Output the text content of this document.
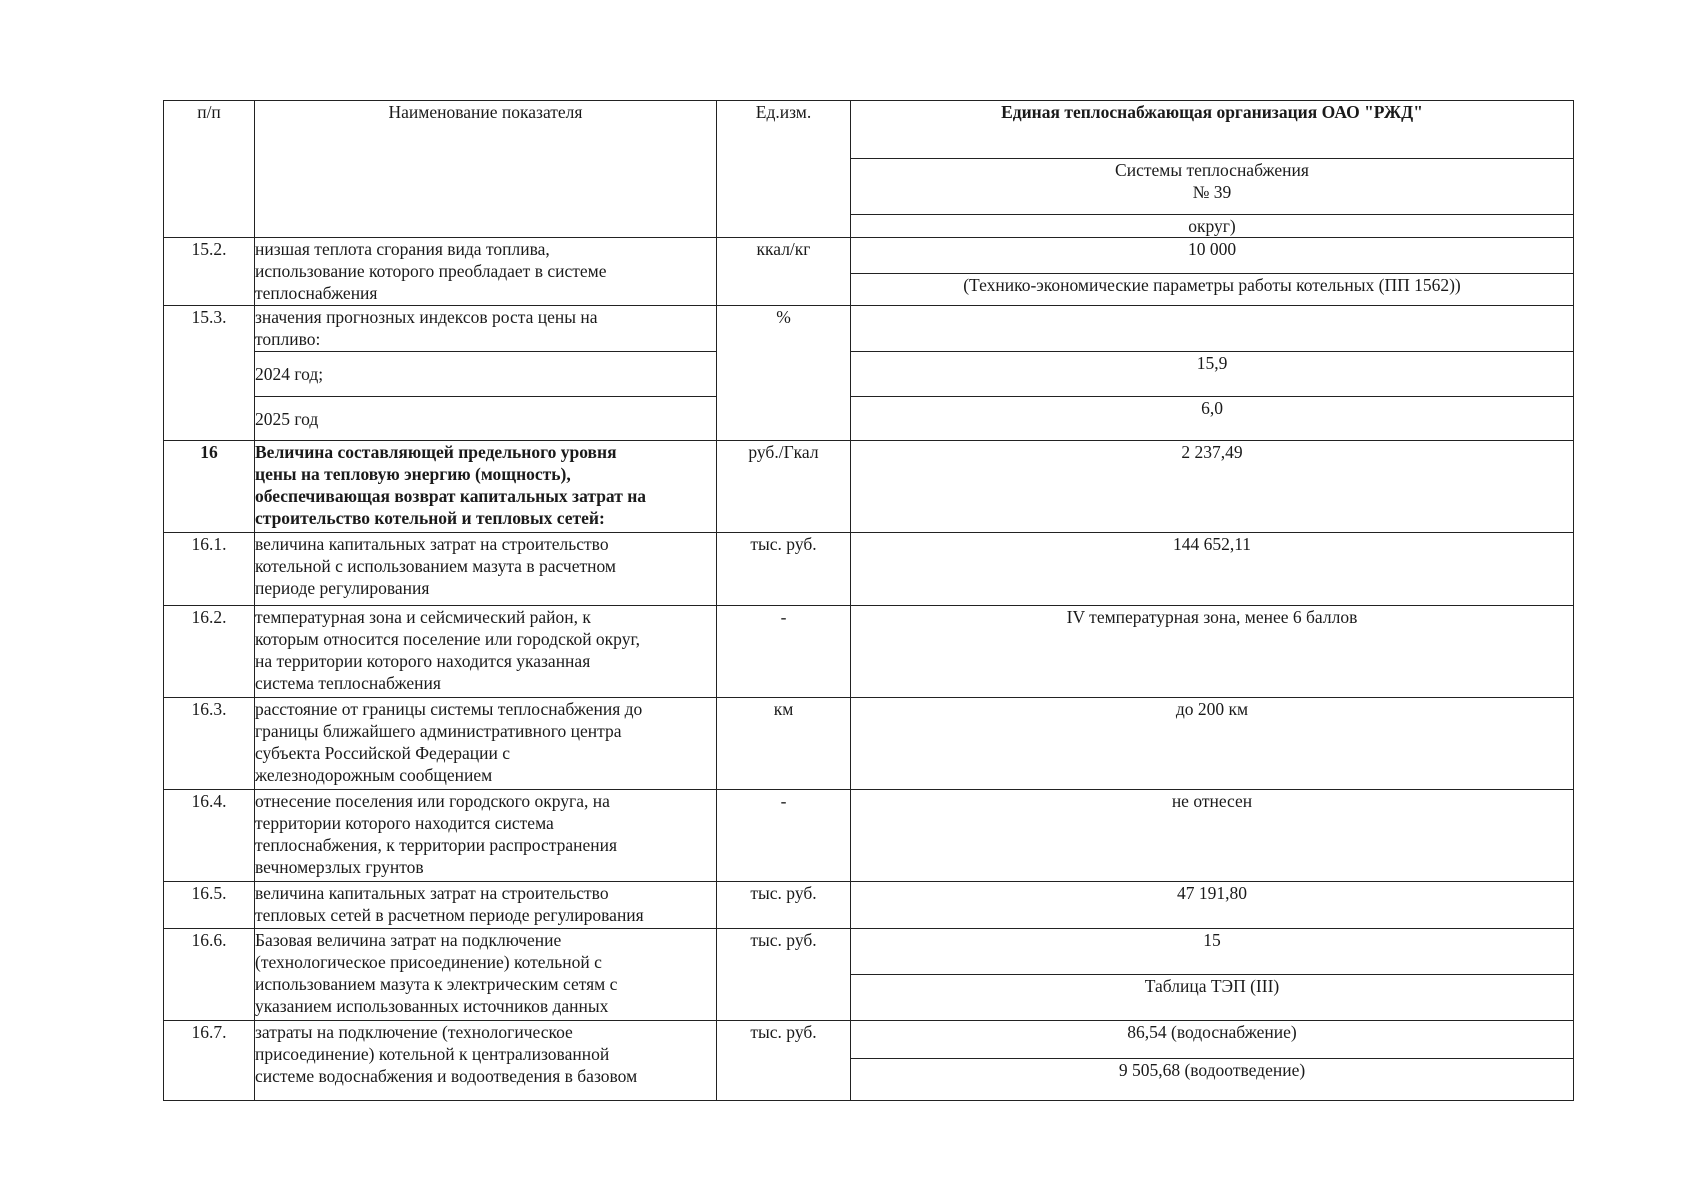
п/п	Наименование показателя	Ед.изм.	Единая теплоснабжающая организация ОАО "РЖД"

			Системы теплоснабжения
№ 39

			округ)
15.2.	низшая теплота сгорания вида топлива,
использование которого преобладает в системе
теплоснабжения	ккал/кг	10 000
			(Технико-экономические параметры работы котельных (ПП 1562))
15.3.	значения прогнозных индексов роста цены на
топливо:	%	
	2024 год;		15,9
	2025 год		6,0
16	Величина составляющей предельного уровня
цены на тепловую энергию (мощность),
обеспечивающая возврат капитальных затрат на
строительство котельной и тепловых сетей:	руб./Гкал	2 237,49
16.1.	величина капитальных затрат на строительство
котельной с использованием мазута в расчетном
периоде регулирования	тыс. руб.	144 652,11
16.2.	температурная зона и сейсмический район, к
которым относится поселение или городской округ,
на территории которого находится указанная
система теплоснабжения	-	IV температурная зона, менее 6 баллов
16.3.	расстояние от границы системы теплоснабжения до
границы ближайшего административного центра
субъекта Российской Федерации с
железнодорожным сообщением	км	до 200 км
16.4.	отнесение поселения или городского округа, на
территории которого находится система
теплоснабжения, к территории распространения
вечномерзлых грунтов	-	не отнесен
16.5.	величина капитальных затрат на строительство
тепловых сетей в расчетном периоде регулирования	тыс. руб.	47 191,80
16.6.	Базовая величина затрат на подключение
(технологическое присоединение) котельной с
использованием мазута к электрическим сетям с
указанием использованных источников данных	тыс. руб.	15
			Таблица ТЭП (III)
16.7.	затраты на подключение (технологическое
присоединение) котельной к централизованной
системе водоснабжения и водоотведения в базовом	тыс. руб.	86,54 (водоснабжение)
			9 505,68 (водоотведение)
